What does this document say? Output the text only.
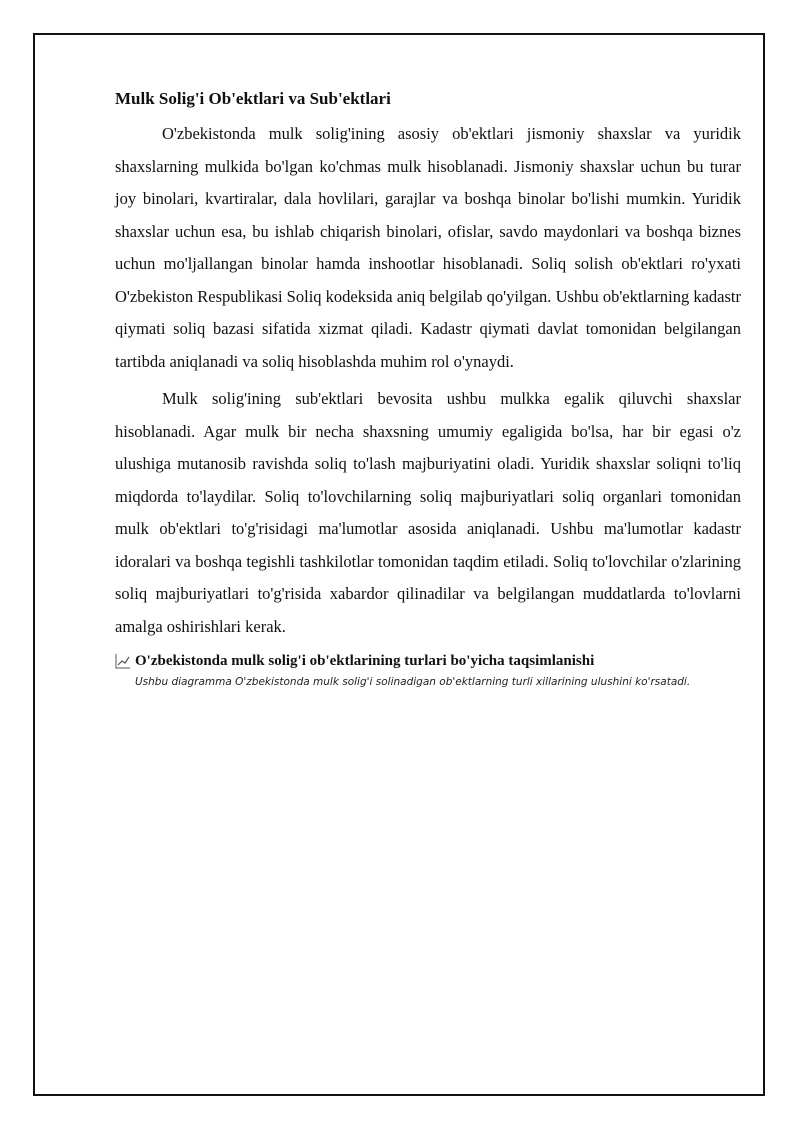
Mulk Solig'i Ob'ektlari va Sub'ektlari

O'zbekistonda mulk solig'ining asosiy ob'ektlari jismoniy shaxslar va yuridik shaxslarning mulkida bo'lgan ko'chmas mulk hisoblanadi. Jismoniy shaxslar uchun bu turar joy binolari, kvartiralar, dala hovlilari, garajlar va boshqa binolar bo'lishi mumkin. Yuridik shaxslar uchun esa, bu ishlab chiqarish binolari, ofislar, savdo maydonlari va boshqa biznes uchun mo'ljallangan binolar hamda inshootlar hisoblanadi. Soliq solish ob'ektlari ro'yxati O'zbekiston Respublikasi Soliq kodeksida aniq belgilab qo'yilgan. Ushbu ob'ektlarning kadastr qiymati soliq bazasi sifatida xizmat qiladi. Kadastr qiymati davlat tomonidan belgilangan tartibda aniqlanadi va soliq hisoblashda muhim rol o'ynaydi.

Mulk solig'ining sub'ektlari bevosita ushbu mulkka egalik qiluvchi shaxslar hisoblanadi. Agar mulk bir necha shaxsning umumiy egaligida bo'lsa, har bir egasi o'z ulushiga mutanosib ravishda soliq to'lash majburiyatini oladi. Yuridik shaxslar soliqni to'liq miqdorda to'laydilar. Soliq to'lovchilarning soliq majburiyatlari soliq organlari tomonidan mulk ob'ektlari to'g'risidagi ma'lumotlar asosida aniqlanadi. Ushbu ma'lumotlar kadastr idoralari va boshqa tegishli tashkilotlar tomonidan taqdim etiladi. Soliq to'lovchilar o'zlarining soliq majburiyatlari to'g'risida xabardor qilinadilar va belgilangan muddatlarda to'lovlarni amalga oshirishlari kerak.

O'zbekistonda mulk solig'i ob'ektlarining turlari bo'yicha taqsimlanishi
Ushbu diagramma O'zbekistonda mulk solig'i solinadigan ob'ektlarning turli xillarining ulushini ko'rsatadi.
